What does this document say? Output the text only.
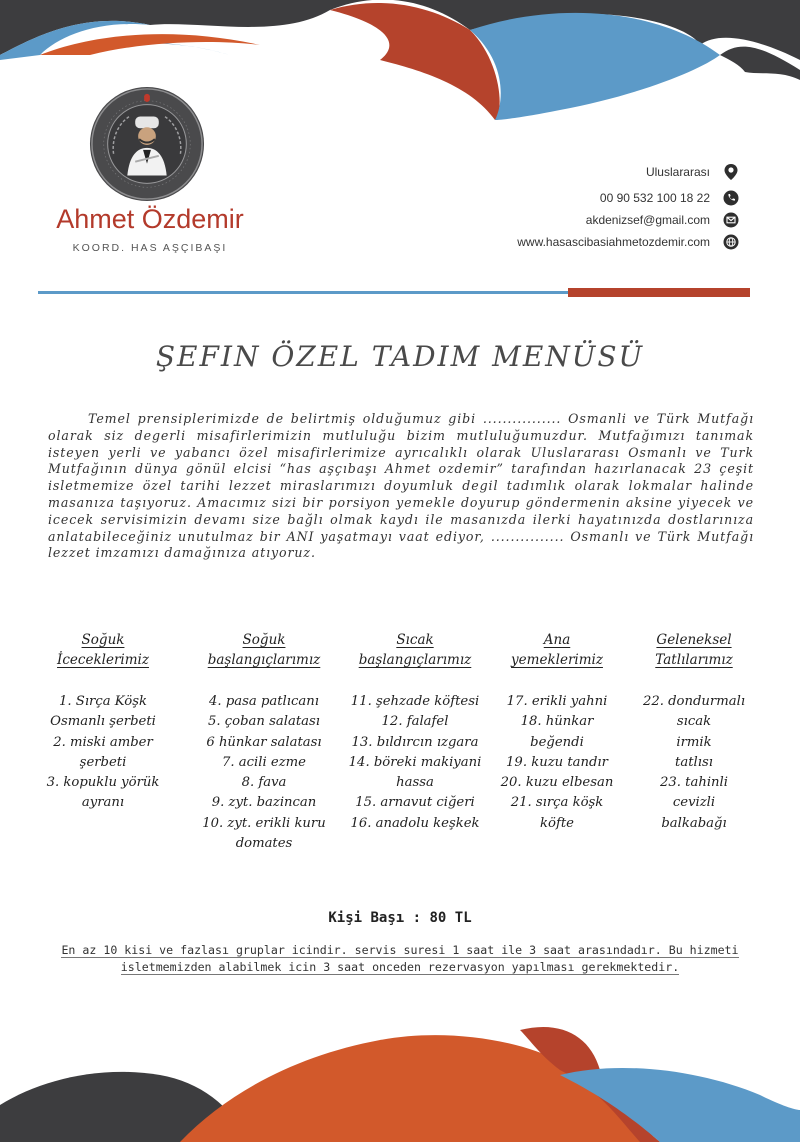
Ahmet Özdemir
KOORD. HAS AŞÇIBAŞI
Uluslararası
00 90 532 100 18 22
akdenizsef@gmail.com
www.hasascibasiahmetozdemir.com
ŞEFIN ÖZEL TADIM MENÜSÜ
Temel prensiplerimizde de belirtmiş olduğumuz gibi ................ Osmanli ve Türk Mutfağı olarak siz degerli misafirlerimizin mutluluğu bizim mutluluğumuzdur. Mutfağımızı tanımak isteyen yerli ve yabancı özel misafirlerimize ayrıcalıklı olarak Uluslararası Osmanlı ve Turk Mutfağının dünya gönül elcisi “has aşçıbaşı Ahmet ozdemir” tarafından hazırlanacak 23 çeşit isletmemize özel tarihi lezzet miraslarımızı doyumluk degil tadımlık olarak lokmalar halinde masanıza taşıyoruz. Amacımız sizi bir porsiyon yemekle doyurup göndermenin aksine yiyecek ve icecek servisimizin devamı size bağlı olmak kaydı ile masanızda ilerki hayatınızda dostlarınıza anlatabileceğiniz unutulmaz bir ANI yaşatmayı vaat ediyor, ............... Osmanlı ve Türk Mutfağı lezzet imzamızı damağınıza atıyoruz.
Soğuk
İceceklerimiz
1. Sırça Köşk
Osmanlı şerbeti
2. miski amber
şerbeti
3. kopuklu yörük
ayranı
Soğuk
başlangıçlarımız
4. pasa patlıcanı
5. çoban salatası
6 hünkar salatası
7. acili ezme
8. fava
9. zyt. bazincan
10. zyt. erikli kuru
domates
Sıcak
başlangıçlarımız
11. şehzade köftesi
12. falafel
13. bıldırcın ızgara
14. böreki makiyani
hassa
15. arnavut ciğeri
16. anadolu keşkek
Ana
yemeklerimiz
17. erikli yahni
18. hünkar
beğendi
19. kuzu tandır
20. kuzu elbesan
21. sırça köşk
köfte
Geleneksel
Tatlılarımız
22. dondurmalı
sıcak
irmik
tatlısı
23. tahinli
cevizli
balkabağı
Kişi Başı : 80 TL
En az 10 kisi ve fazlası gruplar icindir. servis suresi 1 saat ile 3 saat arasındadır. Bu hizmeti
isletmemizden alabilmek icin 3 saat onceden rezervasyon yapılması gerekmektedir.
